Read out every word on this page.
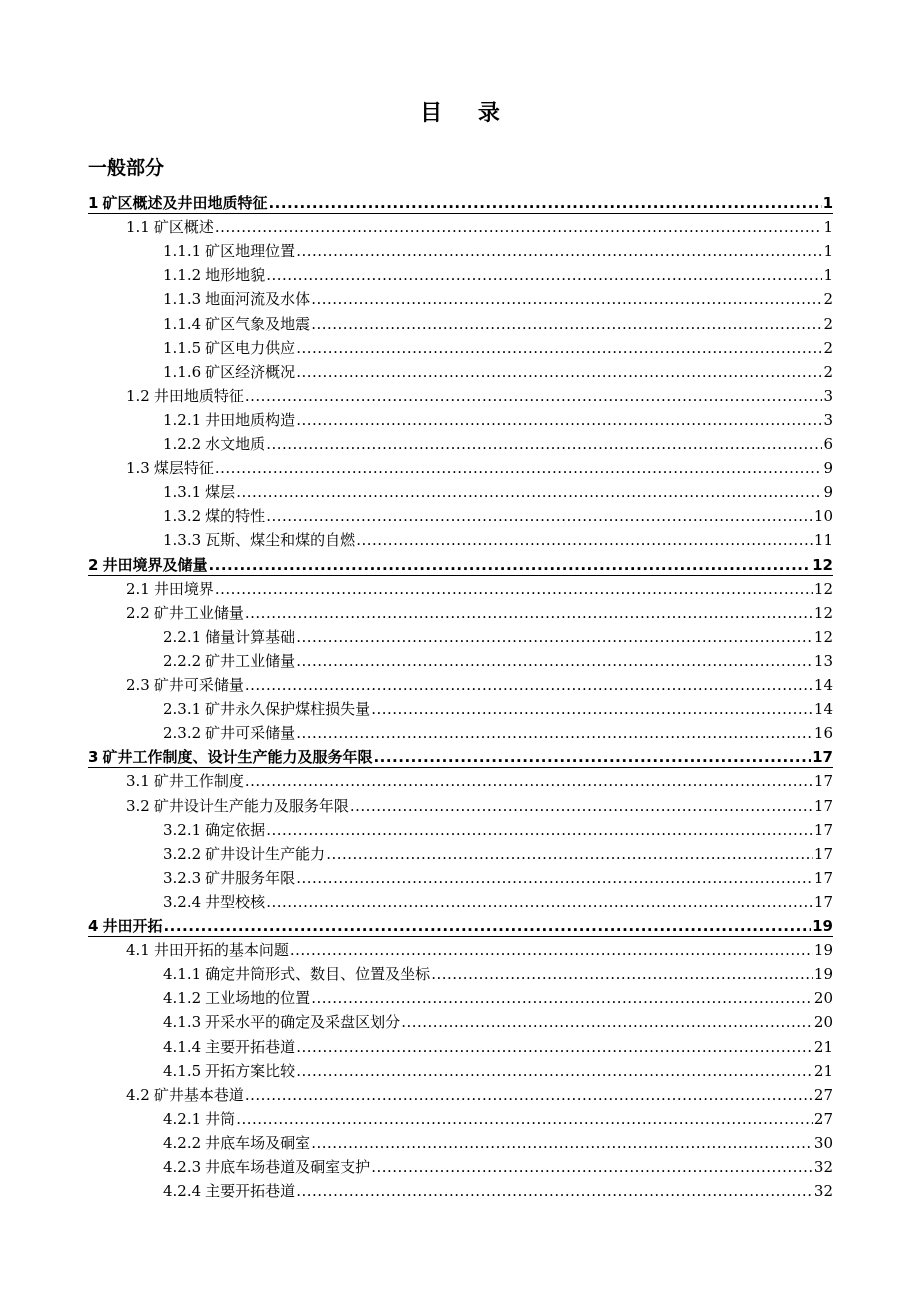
目 录
一般部分
1 矿区概述及井田地质特征 .....	1
1.1 矿区概述 .....	1
1.1.1 矿区地理位置 .....	1
1.1.2 地形地貌 .....	1
1.1.3 地面河流及水体 .....	2
1.1.4 矿区气象及地震 .....	2
1.1.5 矿区电力供应 .....	2
1.1.6 矿区经济概况 .....	2
1.2 井田地质特征 .....	3
1.2.1 井田地质构造 .....	3
1.2.2 水文地质 .....	6
1.3 煤层特征 .....	9
1.3.1 煤层 .....	9
1.3.2 煤的特性 .....	10
1.3.3 瓦斯、煤尘和煤的自燃 .....	11
2 井田境界及储量 .....	12
2.1 井田境界 .....	12
2.2 矿井工业储量 .....	12
2.2.1 储量计算基础 .....	12
2.2.2 矿井工业储量 .....	13
2.3 矿井可采储量 .....	14
2.3.1 矿井永久保护煤柱损失量 .....	14
2.3.2 矿井可采储量 .....	16
3 矿井工作制度、设计生产能力及服务年限 .....	17
3.1 矿井工作制度 .....	17
3.2 矿井设计生产能力及服务年限 .....	17
3.2.1 确定依据 .....	17
3.2.2 矿井设计生产能力 .....	17
3.2.3 矿井服务年限 .....	17
3.2.4 井型校核 .....	17
4 井田开拓 .....	19
4.1 井田开拓的基本问题 .....	19
4.1.1 确定井筒形式、数目、位置及坐标 .....	19
4.1.2 工业场地的位置 .....	20
4.1.3 开采水平的确定及采盘区划分 .....	20
4.1.4 主要开拓巷道 .....	21
4.1.5 开拓方案比较 .....	21
4.2 矿井基本巷道 .....	27
4.2.1 井筒 .....	27
4.2.2 井底车场及硐室 .....	30
4.2.3 井底车场巷道及硐室支护 .....	32
4.2.4 主要开拓巷道 .....	32
